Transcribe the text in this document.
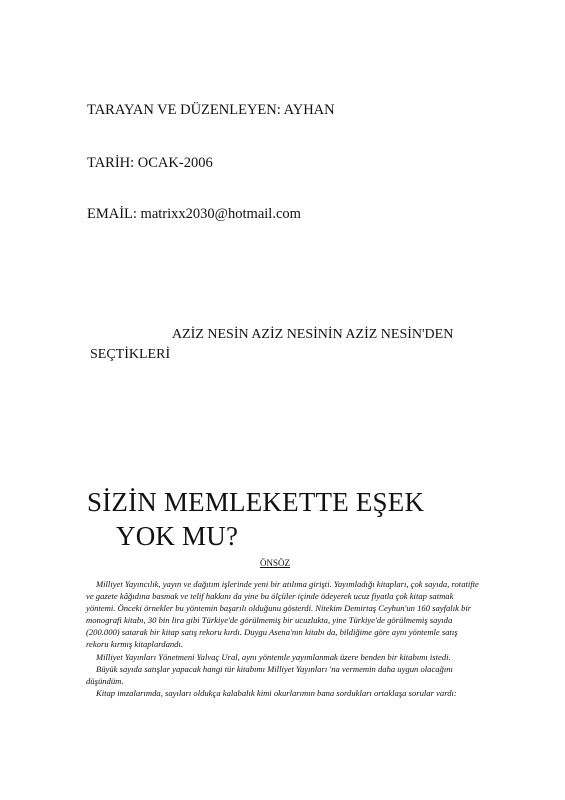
TARAYAN VE DÜZENLEYEN: AYHAN
TARİH: OCAK-2006
EMAİL: matrixx2030@hotmail.com
AZİZ NESİN AZİZ NESİNİN AZİZ NESİN'DEN
SEÇTİKLERİ
SİZİN MEMLEKETTE EŞEK
YOK MU?
ÖNSÖZ

Milliyet Yayıncılık, yayın ve dağıtım işlerinde yeni bir atılıma girişti. Yayımladığı kitapları, çok sayıda, rotatifte ve gazete kâğıdına basmak ve telif hakkını da yine bu ölçüler içinde ödeyerek ucuz fiyatla çok kitap satmak yöntemi. Önceki örnekler bu yöntemin başarılı olduğunu gösterdi. Nitekim Demirtaş Ceyhun'un 160 sayfalık bir monografi kitabı, 30 bin lira gibi Türkiye'de görülmemiş bir ucuzlukta, yine Türkiye'de görülmemiş sayıda (200.000) satarak bir kitap satış rekoru kırdı. Duygu Asena'nın kitabı da, bildiğime göre aynı yöntemle satış rekoru kırmış kitaplardandı.

Milliyet Yayınları Yönetmeni Yalvaç Ural, aynı yöntemle yayımlanmak üzere benden bir kitabımı istedi.

Büyük sayıda satışlar yapacak hangi tür kitabımı Milliyet Yayınları 'na vermemin daha uygun olacağını düşündüm.

Kitap imzalarımda, sayıları oldukça kalabalık kimi okurlarımın bana sordukları ortaklaşa sorular vardı:
